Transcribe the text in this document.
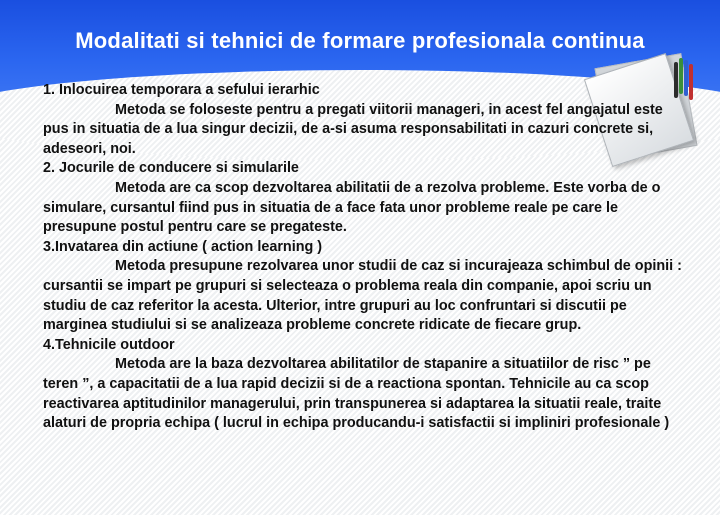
Modalitati si tehnici de formare profesionala continua

1. Inlocuirea temporara a sefului ierarhic

Metoda se foloseste pentru a pregati viitorii manageri, in acest fel angajatul este pus in situatia de a lua singur decizii, de a-si asuma responsabilitati in cazuri concrete si, adeseori, noi.

2. Jocurile de conducere si simularile

Metoda are ca scop dezvoltarea abilitatii de a rezolva probleme. Este vorba de o simulare, cursantul fiind pus in situatia de a face fata unor probleme reale pe care le presupune postul pentru care se pregateste.

3.Invatarea din actiune ( action learning )

Metoda presupune rezolvarea unor studii de caz si incurajeaza schimbul de opinii : cursantii se impart pe grupuri si selecteaza o problema reala din companie, apoi scriu un studiu de caz referitor la acesta. Ulterior, intre grupuri au loc confruntari si discutii pe marginea studiului si se analizeaza probleme concrete ridicate de fiecare grup.

4.Tehnicile outdoor

Metoda are la baza dezvoltarea abilitatilor de stapanire a situatiilor de risc ” pe teren ”, a capacitatii de a lua rapid decizii si de a reactiona spontan. Tehnicile au ca scop reactivarea aptitudinilor managerului, prin transpunerea si adaptarea la situatii reale, traite alaturi de propria echipa ( lucrul in echipa producandu-i satisfactii si impliniri profesionale )
